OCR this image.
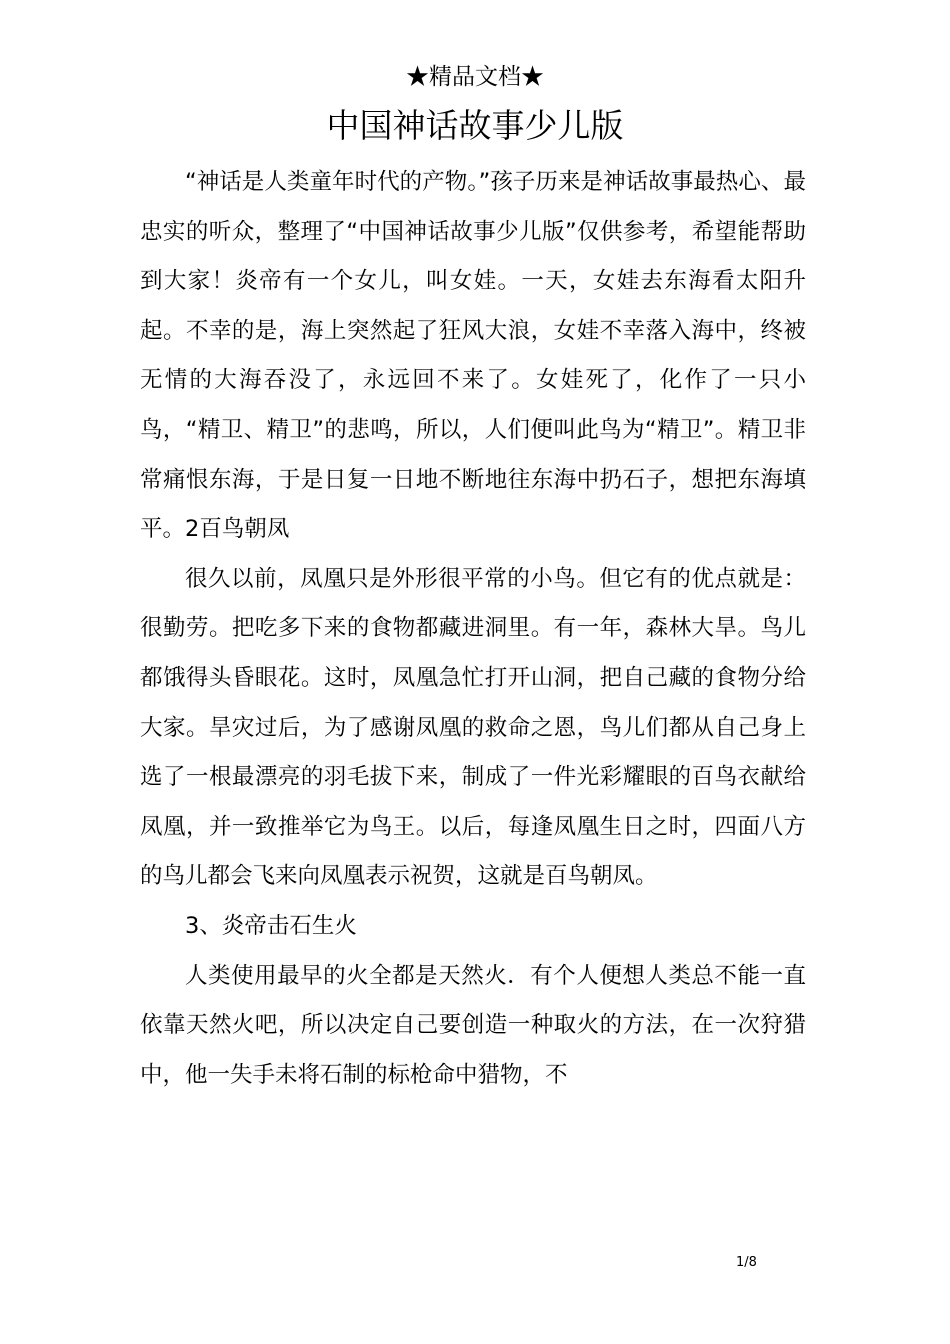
★精品文档★
中国神话故事少儿版

“神话是人类童年时代的产物。”孩子历来是神话故事最热心、最忠实的听众，整理了“中国神话故事少儿版”仅供参考，希望能帮助到大家！炎帝有一个女儿，叫女娃。一天，女娃去东海看太阳升起。不幸的是，海上突然起了狂风大浪，女娃不幸落入海中，终被无情的大海吞没了，永远回不来了。女娃死了，化作了一只小鸟，“精卫、精卫”的悲鸣，所以，人们便叫此鸟为“精卫”。精卫非常痛恨东海，于是日复一日地不断地往东海中扔石子，想把东海填平。2百鸟朝凤

很久以前，凤凰只是外形很平常的小鸟。但它有的优点就是：很勤劳。把吃多下来的食物都藏进洞里。有一年，森林大旱。鸟儿都饿得头昏眼花。这时，凤凰急忙打开山洞，把自己藏的食物分给大家。旱灾过后，为了感谢凤凰的救命之恩，鸟儿们都从自己身上选了一根最漂亮的羽毛拔下来，制成了一件光彩耀眼的百鸟衣献给凤凰，并一致推举它为鸟王。以后，每逢凤凰生日之时，四面八方的鸟儿都会飞来向凤凰表示祝贺，这就是百鸟朝凤。

3、炎帝击石生火

人类使用最早的火全都是天然火．有个人便想人类总不能一直依靠天然火吧，所以决定自己要创造一种取火的方法，在一次狩猎中，他一失手未将石制的标枪命中猎物，不

1/8
